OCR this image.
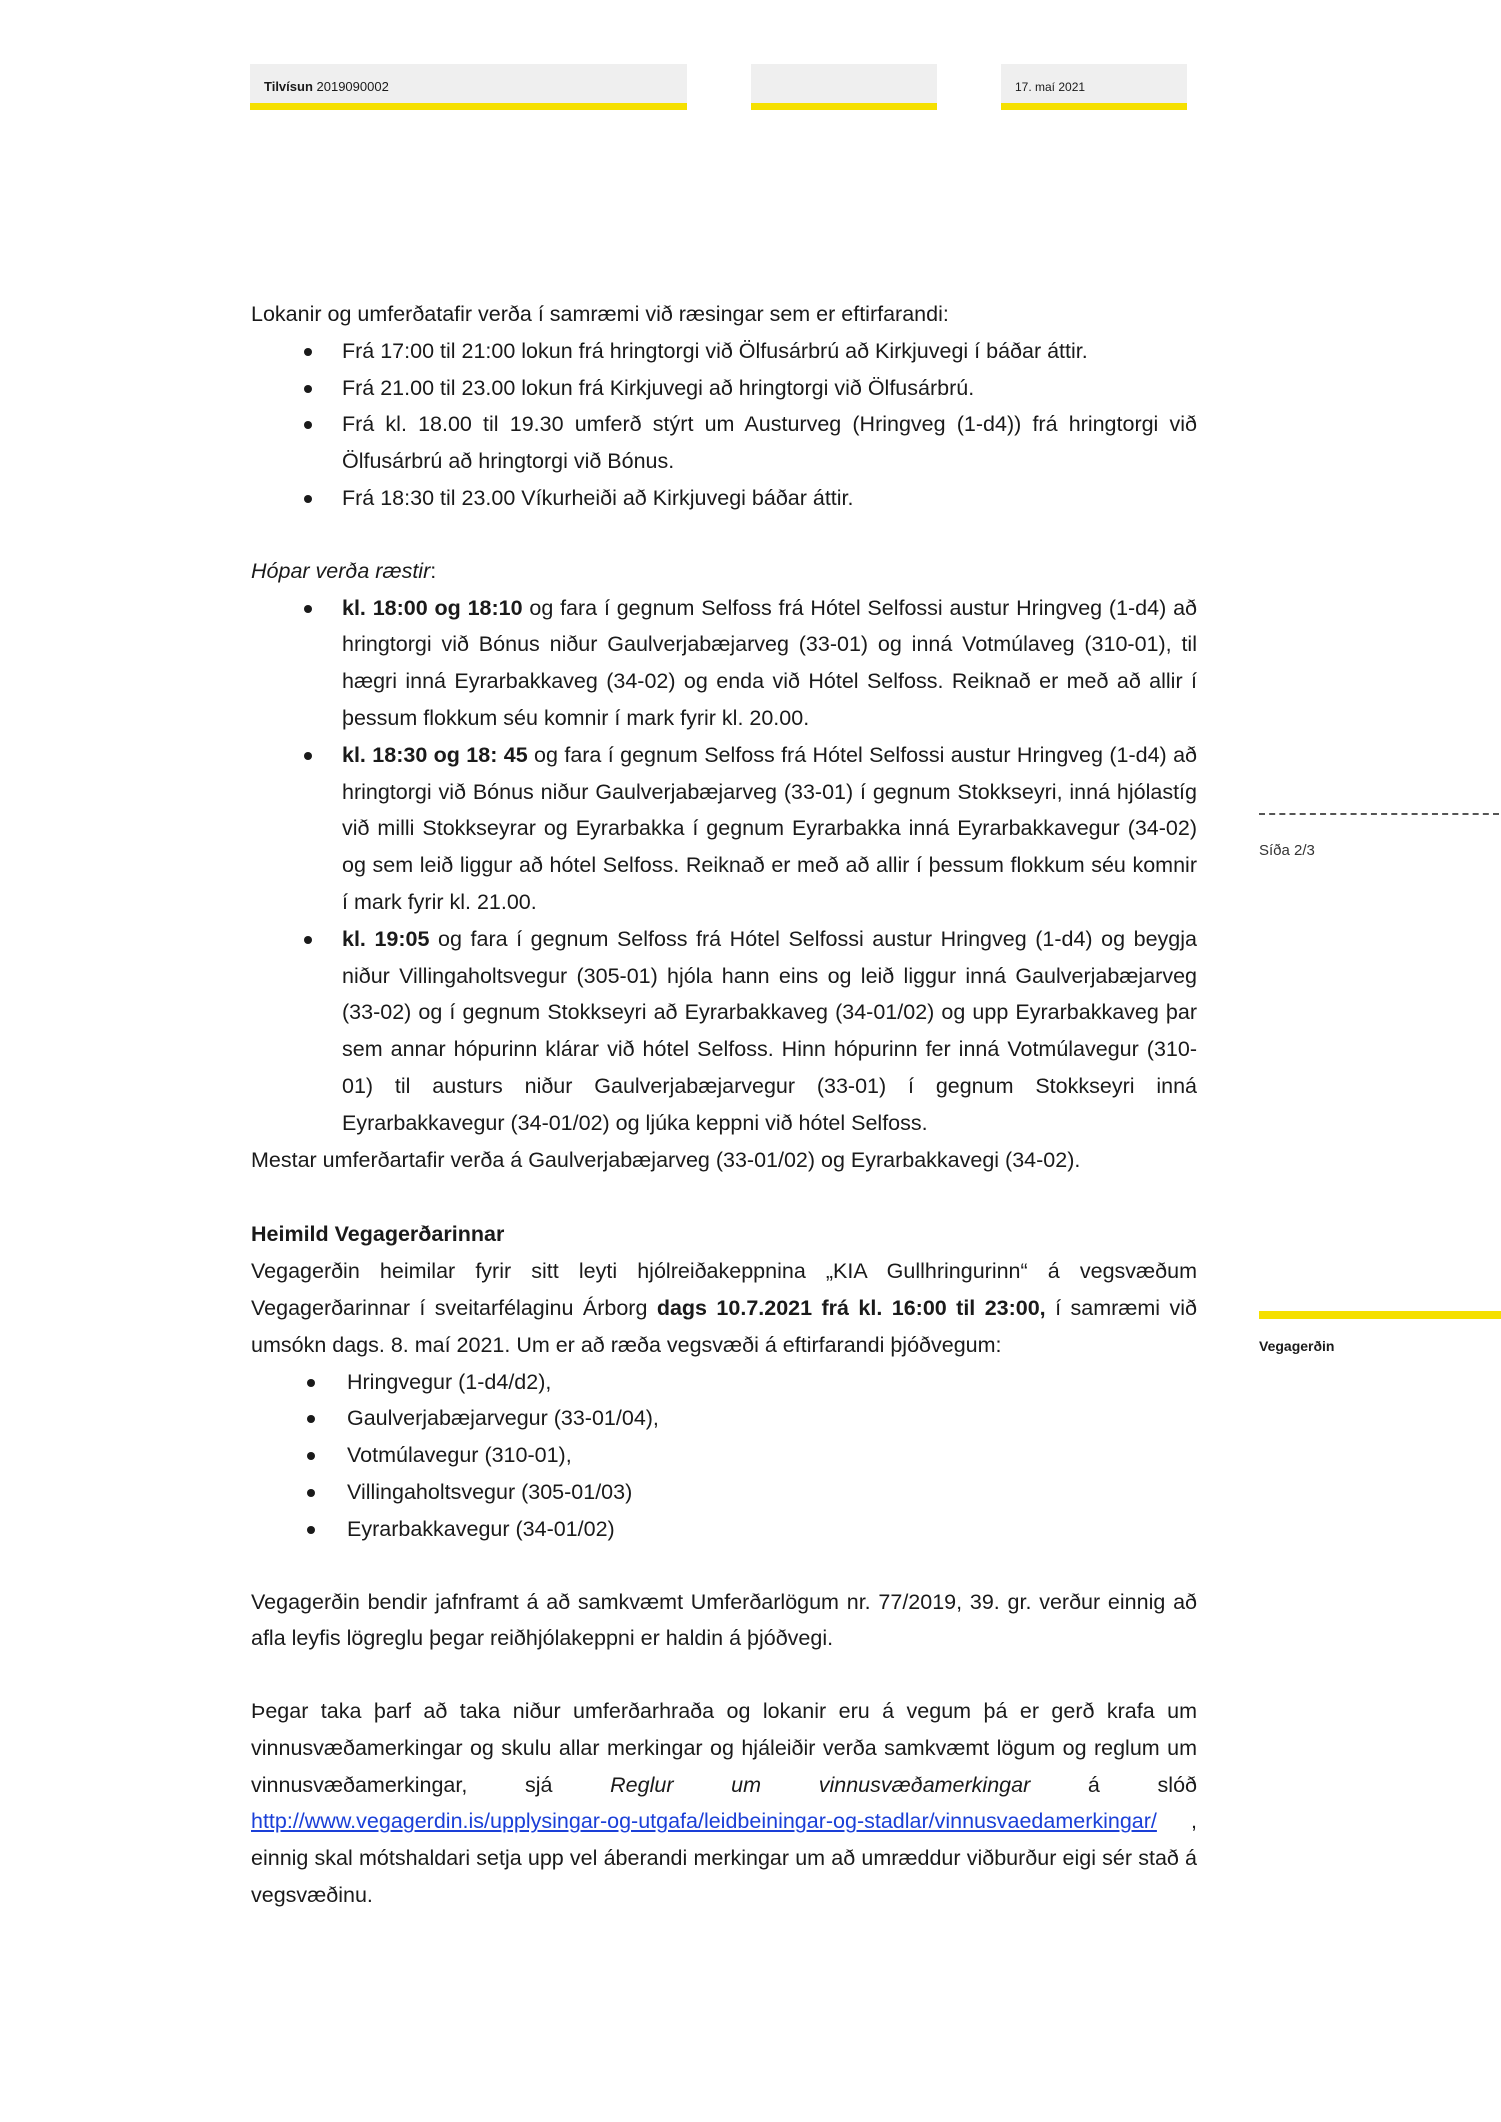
Tilvísun 2019090002	17. maí 2021
Síða 2/3
Vegagerðin

Lokanir og umferðatafir verða í samræmi við ræsingar sem er eftirfarandi:

Frá 17:00 til 21:00 lokun frá hringtorgi við Ölfusárbrú að Kirkjuvegi í báðar áttir.
Frá 21.00 til 23.00 lokun frá Kirkjuvegi að hringtorgi við Ölfusárbrú.
Frá kl. 18.00 til 19.30 umferð stýrt um Austurveg (Hringveg (1-d4)) frá hringtorgi við Ölfusárbrú að hringtorgi við Bónus.
Frá 18:30 til 23.00 Víkurheiði að Kirkjuvegi báðar áttir.

Hópar verða ræstir:

kl. 18:00 og 18:10 og fara í gegnum Selfoss frá Hótel Selfossi austur Hringveg (1-d4) að hringtorgi við Bónus niður Gaulverjabæjarveg (33-01) og inná Votmúlaveg (310-01), til hægri inná Eyrarbakkaveg (34-02) og enda við Hótel Selfoss. Reiknað er með að allir í þessum flokkum séu komnir í mark fyrir kl. 20.00.
kl. 18:30 og 18: 45 og fara í gegnum Selfoss frá Hótel Selfossi austur Hringveg (1-d4) að hringtorgi við Bónus niður Gaulverjabæjarveg (33-01) í gegnum Stokkseyri, inná hjólastíg við milli Stokkseyrar og Eyrarbakka í gegnum Eyrarbakka inná Eyrarbakkavegur (34-02) og sem leið liggur að hótel Selfoss. Reiknað er með að allir í þessum flokkum séu komnir í mark fyrir kl. 21.00.
kl. 19:05 og fara í gegnum Selfoss frá Hótel Selfossi austur Hringveg (1-d4) og beygja niður Villingaholtsvegur (305-01) hjóla hann eins og leið liggur inná Gaulverjabæjarveg (33-02) og í gegnum Stokkseyri að Eyrarbakkaveg (34-01/02) og upp Eyrarbakkaveg þar sem annar hópurinn klárar við hótel Selfoss. Hinn hópurinn fer inná Votmúlavegur (310-01) til austurs niður Gaulverjabæjarvegur (33-01) í gegnum Stokkseyri inná Eyrarbakkavegur (34-01/02) og ljúka keppni við hótel Selfoss.

Mestar umferðartafir verða á Gaulverjabæjarveg (33-01/02) og Eyrarbakkavegi (34-02).

Heimild Vegagerðarinnar

Vegagerðin heimilar fyrir sitt leyti hjólreiðakeppnina „KIA Gullhringurinn“ á vegsvæðum Vegagerðarinnar í sveitarfélaginu Árborg dags 10.7.2021 frá kl. 16:00 til 23:00, í samræmi við umsókn dags. 8. maí 2021. Um er að ræða vegsvæði á eftirfarandi þjóðvegum:

Hringvegur (1-d4/d2),
Gaulverjabæjarvegur (33-01/04),
Votmúlavegur (310-01),
Villingaholtsvegur (305-01/03)
Eyrarbakkavegur (34-01/02)

Vegagerðin bendir jafnframt á að samkvæmt Umferðarlögum nr. 77/2019, 39. gr. verður einnig að afla leyfis lögreglu þegar reiðhjólakeppni er haldin á þjóðvegi.

Þegar taka þarf að taka niður umferðarhraða og lokanir eru á vegum þá er gerð krafa um vinnusvæðamerkingar og skulu allar merkingar og hjáleiðir verða samkvæmt lögum og reglum um vinnusvæðamerkingar, sjá Reglur um vinnusvæðamerkingar á slóð http://www.vegagerdin.is/upplysingar-og-utgafa/leidbeiningar-og-stadlar/vinnusvaedamerkingar/ , einnig skal mótshaldari setja upp vel áberandi merkingar um að umræddur viðburður eigi sér stað á vegsvæðinu.
